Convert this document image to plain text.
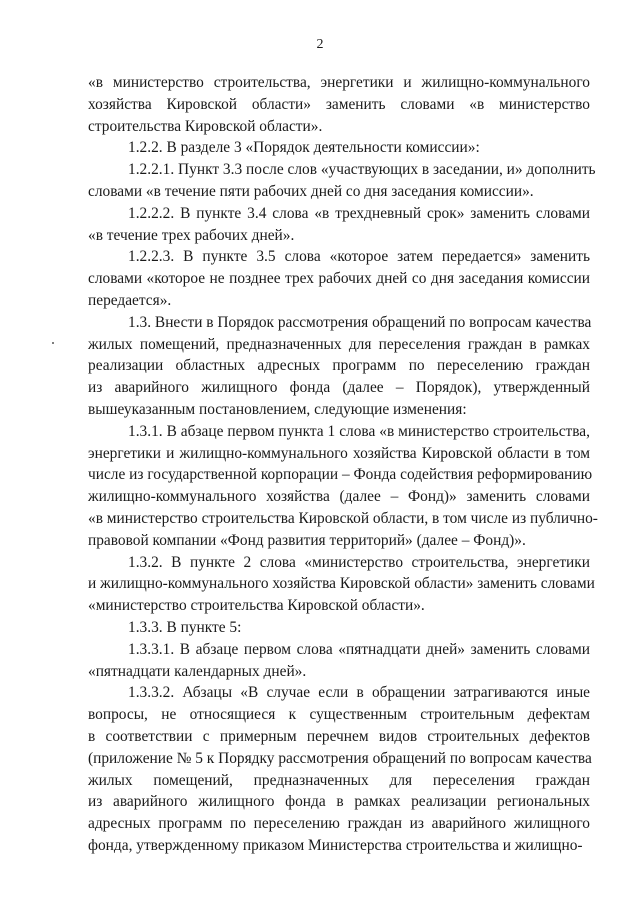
2
«в министерство строительства, энергетики и жилищно-коммунального
хозяйства Кировской области» заменить словами «в министерство
строительства Кировской области».
1.2.2. В разделе 3 «Порядок деятельности комиссии»:
1.2.2.1. Пункт 3.3 после слов «участвующих в заседании, и» дополнить
словами «в течение пяти рабочих дней со дня заседания комиссии».
1.2.2.2. В пункте 3.4 слова «в трехдневный срок» заменить словами
«в течение трех рабочих дней».
1.2.2.3. В пункте 3.5 слова «которое затем передается» заменить
словами «которое не позднее трех рабочих дней со дня заседания комиссии
передается».
1.3. Внести в Порядок рассмотрения обращений по вопросам качества
жилых помещений, предназначенных для переселения граждан в рамках
реализации областных адресных программ по переселению граждан
из аварийного жилищного фонда (далее – Порядок), утвержденный
вышеуказанным постановлением, следующие изменения:
1.3.1. В абзаце первом пункта 1 слова «в министерство строительства,
энергетики и жилищно-коммунального хозяйства Кировской области в том
числе из государственной корпорации – Фонда содействия реформированию
жилищно-коммунального хозяйства (далее – Фонд)» заменить словами
«в министерство строительства Кировской области, в том числе из публично-
правовой компании «Фонд развития территорий» (далее – Фонд)».
1.3.2. В пункте 2 слова «министерство строительства, энергетики
и жилищно-коммунального хозяйства Кировской области» заменить словами
«министерство строительства Кировской области».
1.3.3. В пункте 5:
1.3.3.1. В абзаце первом слова «пятнадцати дней» заменить словами
«пятнадцати календарных дней».
1.3.3.2. Абзацы «В случае если в обращении затрагиваются иные
вопросы, не относящиеся к существенным строительным дефектам
в соответствии с примерным перечнем видов строительных дефектов
(приложение № 5 к Порядку рассмотрения обращений по вопросам качества
жилых помещений, предназначенных для переселения граждан
из аварийного жилищного фонда в рамках реализации региональных
адресных программ по переселению граждан из аварийного жилищного
фонда, утвержденному приказом Министерства строительства и жилищно-
